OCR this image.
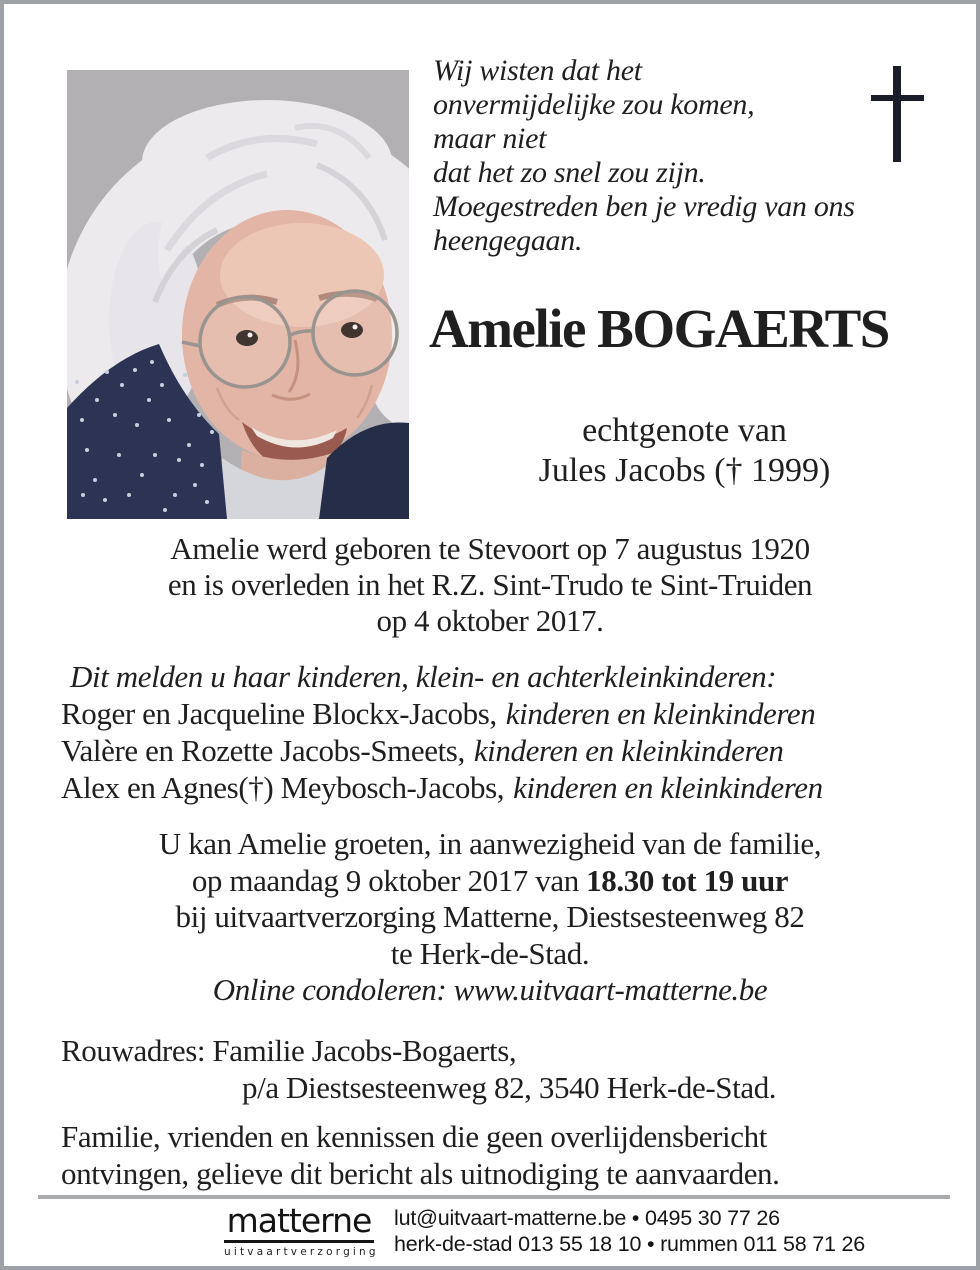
Wij wisten dat het
onvermijdelijke zou komen,
maar niet
dat het zo snel zou zijn.
Moegestreden ben je vredig van ons
heengegaan.
Amelie BOGAERTS
echtgenote van
Jules Jacobs († 1999)
Amelie werd geboren te Stevoort op 7 augustus 1920
en is overleden in het R.Z. Sint-Trudo te Sint-Truiden
op 4 oktober 2017.
Dit melden u haar kinderen, klein- en achterkleinkinderen:
Roger en Jacqueline Blockx-Jacobs, kinderen en kleinkinderen
Valère en Rozette Jacobs-Smeets, kinderen en kleinkinderen
Alex en Agnes(†) Meybosch-Jacobs, kinderen en kleinkinderen
U kan Amelie groeten, in aanwezigheid van de familie,
op maandag 9 oktober 2017 van 18.30 tot 19 uur
bij uitvaartverzorging Matterne, Diestsesteenweg 82
te Herk-de-Stad.
Online condoleren: www.uitvaart-matterne.be
Rouwadres: Familie Jacobs-Bogaerts,
p/a Diestsesteenweg 82, 3540 Herk-de-Stad.
Familie, vrienden en kennissen die geen overlijdensbericht
ontvingen, gelieve dit bericht als uitnodiging te aanvaarden.
matterne
uitvaartverzorging
lut@uitvaart-matterne.be • 0495 30 77 26
herk-de-stad 013 55 18 10 • rummen 011 58 71 26
